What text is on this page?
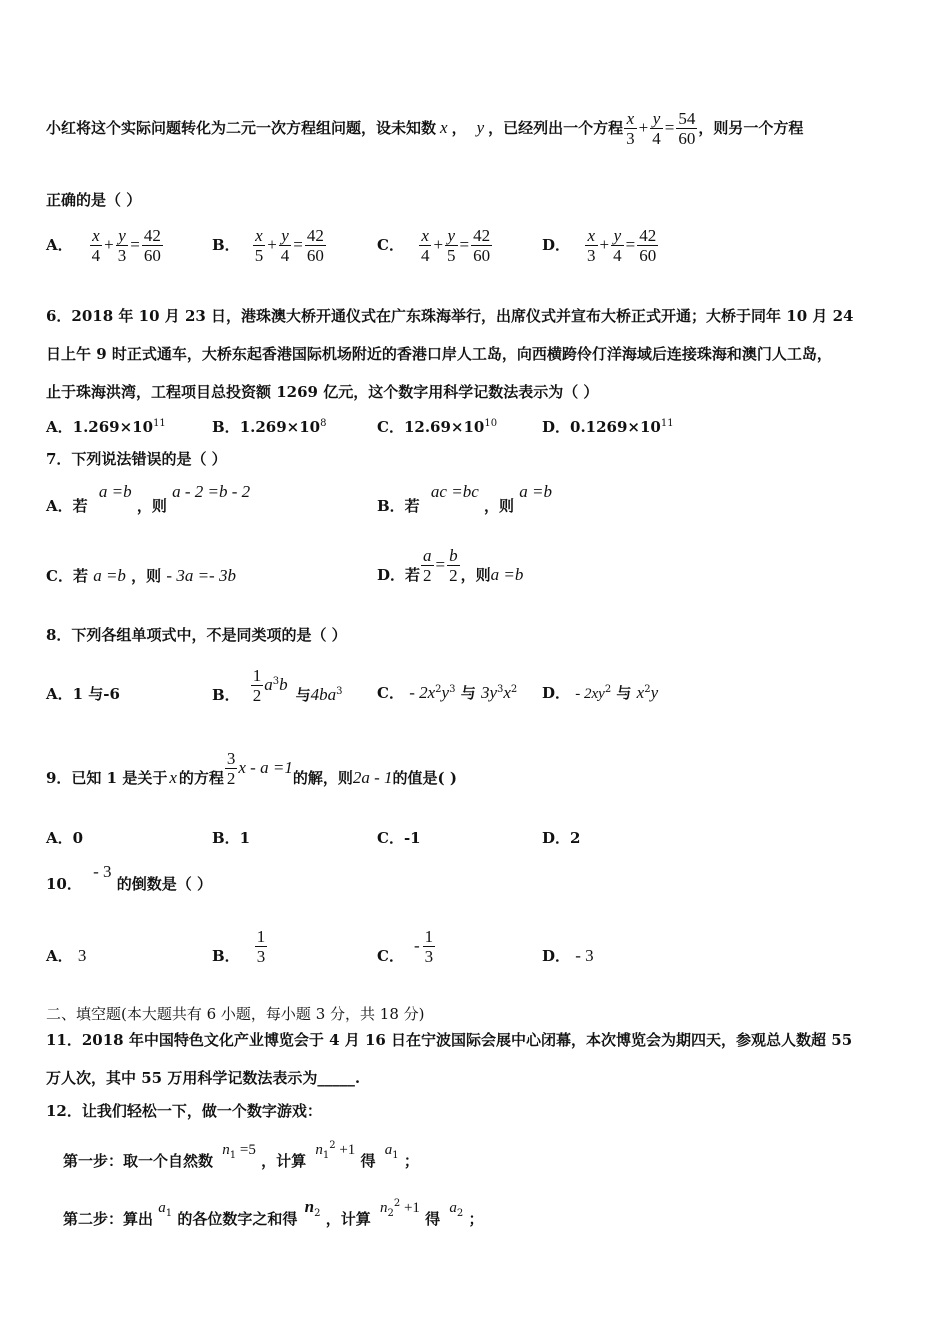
小红将这个实际问题转化为二元一次方程组问题，设未知数 x ， y ，已经列出一个方程 $\frac{x}{3} + \frac{y}{4} = \frac{54}{60}$ ，则另一个方程
正确的是（ ）
A． $\frac{x}{4} + \frac{y}{3} = \frac{42}{60}$	B． $\frac{x}{5} + \frac{y}{4} = \frac{42}{60}$	C． $\frac{x}{4} + \frac{y}{5} = \frac{42}{60}$	D． $\frac{x}{3} + \frac{y}{4} = \frac{42}{60}$
6．2018 年 10 月 23 日，港珠澳大桥开通仪式在广东珠海举行，出席仪式并宣布大桥正式开通；大桥于同年 10 月 24
日上午 9 时正式通车，大桥东起香港国际机场附近的香港口岸人工岛，向西横跨伶仃洋海域后连接珠海和澳门人工岛，
止于珠海洪湾，工程项目总投资额 1269 亿元，这个数字用科学记数法表示为（ ）
A．$1.269\times 10^{11}$	B．$1.269\times 10^8$	C．$12.69\times 10^{10}$	D．$0.1269\times 10^{11}$
7．下列说法错误的是（ ）
A．若 a =b ，则 a - 2 =b - 2
B．若 ac =bc ，则 a =b
C．若 a =b ，则 - 3a =- 3b	D．若 $\frac{a}{2} = \frac{b}{2}$ ，则 a =b
8．下列各组单项式中，不是同类项的是（ ）
A．1 与-6	B． $\frac{1}{2} a^3$ b
与 $4ba^3$ C． - $2x^2y^3$ 与 $3y^3x^2$ D． - $2xy^2$ 与 $x^2y$
9．已知 1 是关于 x 的方程 $\frac{3}{2}$ x - a =1
的解，则 2a - 1 的值是( )
A．0	B．1	C．-1	D．2
10． - 3 的倒数是（ ）
A． 3	B． $\frac{1}{3}$	C．
- $\frac{1}{3}$	D． - 3
二、填空题(本大题共有 6 小题，每小题 3 分，共 18 分)
11．2018 年中国特色文化产业博览会于 4 月 16 日在宁波国际会展中心闭幕，本次博览会为期四天，参观总人数超 55
万人次，其中 55 万用科学记数法表示为_____.
12．让我们轻松一下，做一个数字游戏：
第一步：取一个自然数 $n_1 =5$ ，计算 $n_1^2 +1$ 得 $a_1$ ；
第二步：算出 $a_1$ 的各位数字之和得 $n_2$ ，计算 $n_2^2 +1$ 得 $a_2$ ；
